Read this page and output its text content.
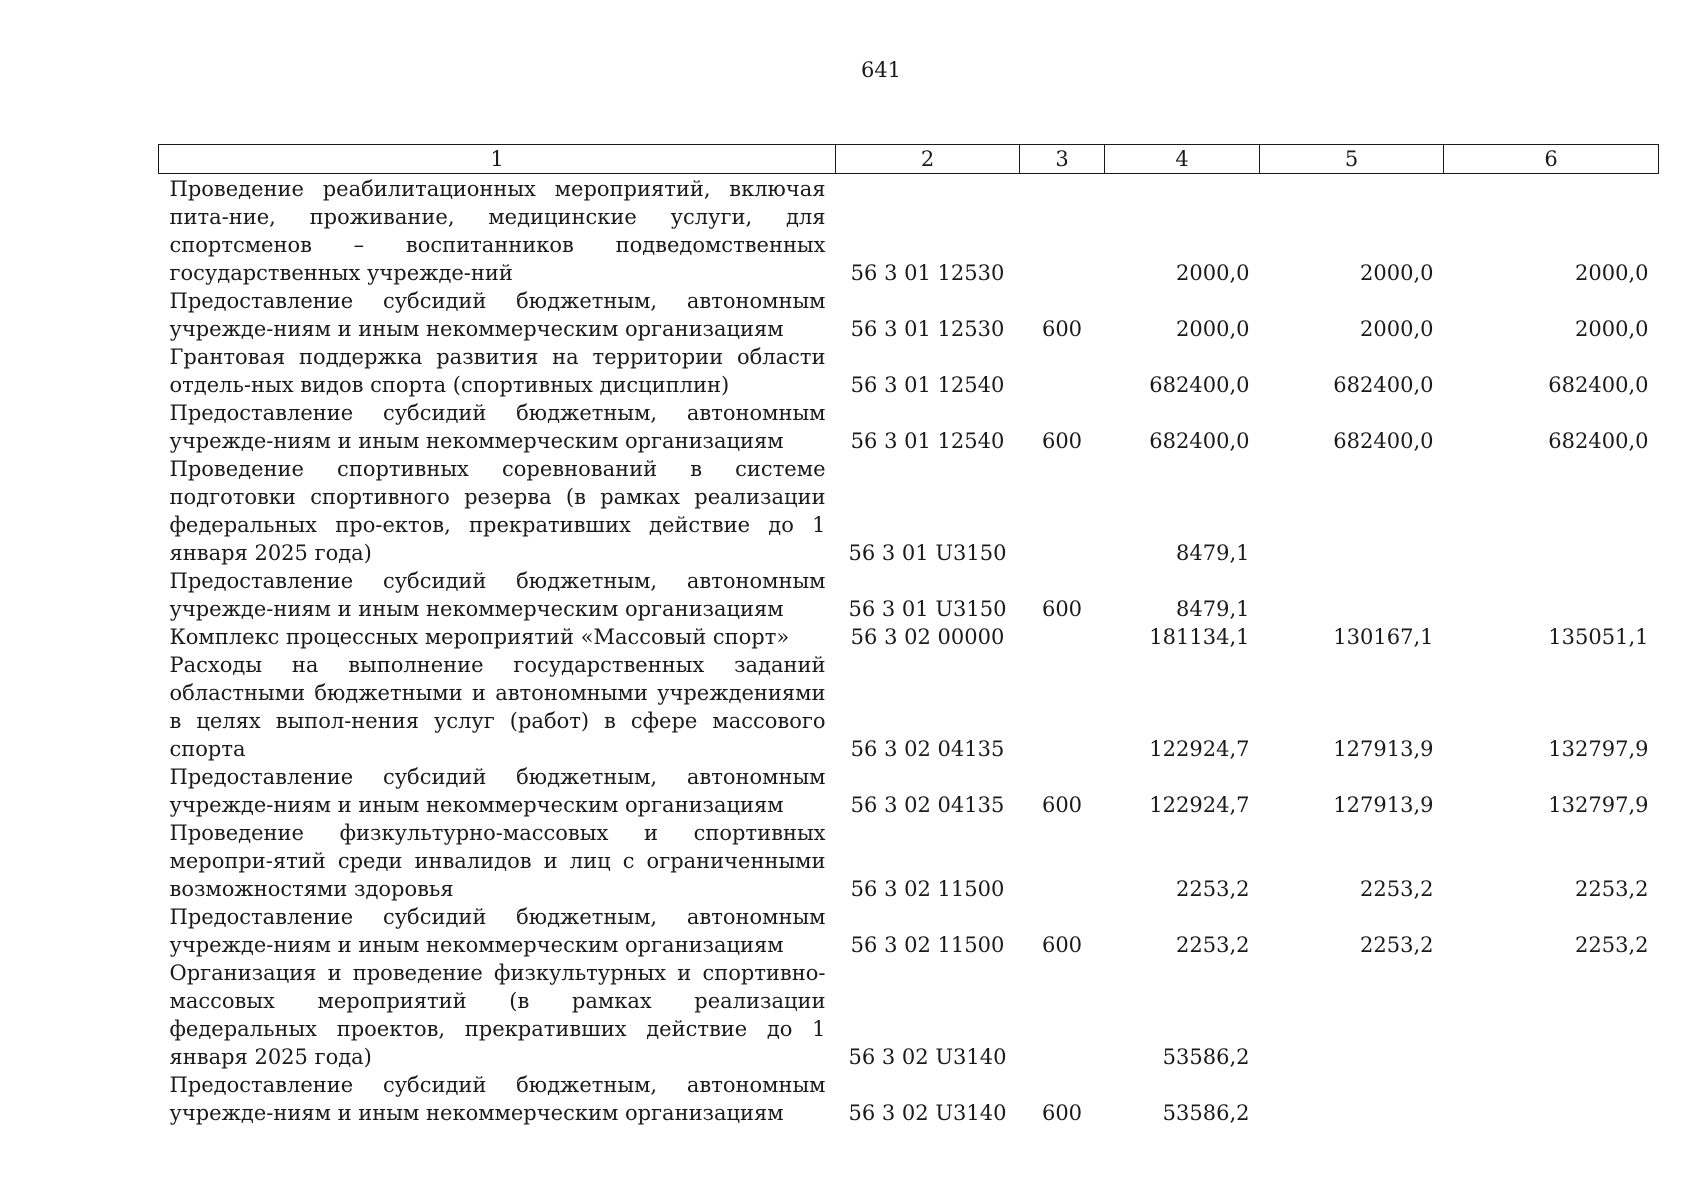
641
1	2	3	4	5	6
Проведение реабилитационных мероприятий, включая пита-ние, проживание, медицинские услуги, для спортсменов – воспитанников подведомственных государственных учрежде-ний	56 3 01 12530		2000,0	2000,0	2000,0
Предоставление субсидий бюджетным, автономным учрежде-ниям и иным некоммерческим организациям	56 3 01 12530	600	2000,0	2000,0	2000,0
Грантовая поддержка развития на территории области отдель-ных видов спорта (спортивных дисциплин)	56 3 01 12540		682400,0	682400,0	682400,0
Предоставление субсидий бюджетным, автономным учрежде-ниям и иным некоммерческим организациям	56 3 01 12540	600	682400,0	682400,0	682400,0
Проведение спортивных соревнований в системе подготовки спортивного резерва (в рамках реализации федеральных про-ектов, прекративших действие до 1 января 2025 года)	56 3 01 U3150		8479,1		
Предоставление субсидий бюджетным, автономным учрежде-ниям и иным некоммерческим организациям	56 3 01 U3150	600	8479,1		
Комплекс процессных мероприятий «Массовый спорт»	56 3 02 00000		181134,1	130167,1	135051,1
Расходы на выполнение государственных заданий областными бюджетными и автономными учреждениями в целях выпол-нения услуг (работ) в сфере массового спорта	56 3 02 04135		122924,7	127913,9	132797,9
Предоставление субсидий бюджетным, автономным учрежде-ниям и иным некоммерческим организациям	56 3 02 04135	600	122924,7	127913,9	132797,9
Проведение физкультурно-массовых и спортивных меропри-ятий среди инвалидов и лиц с ограниченными возможностями здоровья	56 3 02 11500		2253,2	2253,2	2253,2
Предоставление субсидий бюджетным, автономным учрежде-ниям и иным некоммерческим организациям	56 3 02 11500	600	2253,2	2253,2	2253,2
Организация и проведение физкультурных и спортивно-массовых мероприятий (в рамках реализации федеральных проектов, прекративших действие до 1 января 2025 года)	56 3 02 U3140		53586,2		
Предоставление субсидий бюджетным, автономным учрежде-ниям и иным некоммерческим организациям	56 3 02 U3140	600	53586,2		
